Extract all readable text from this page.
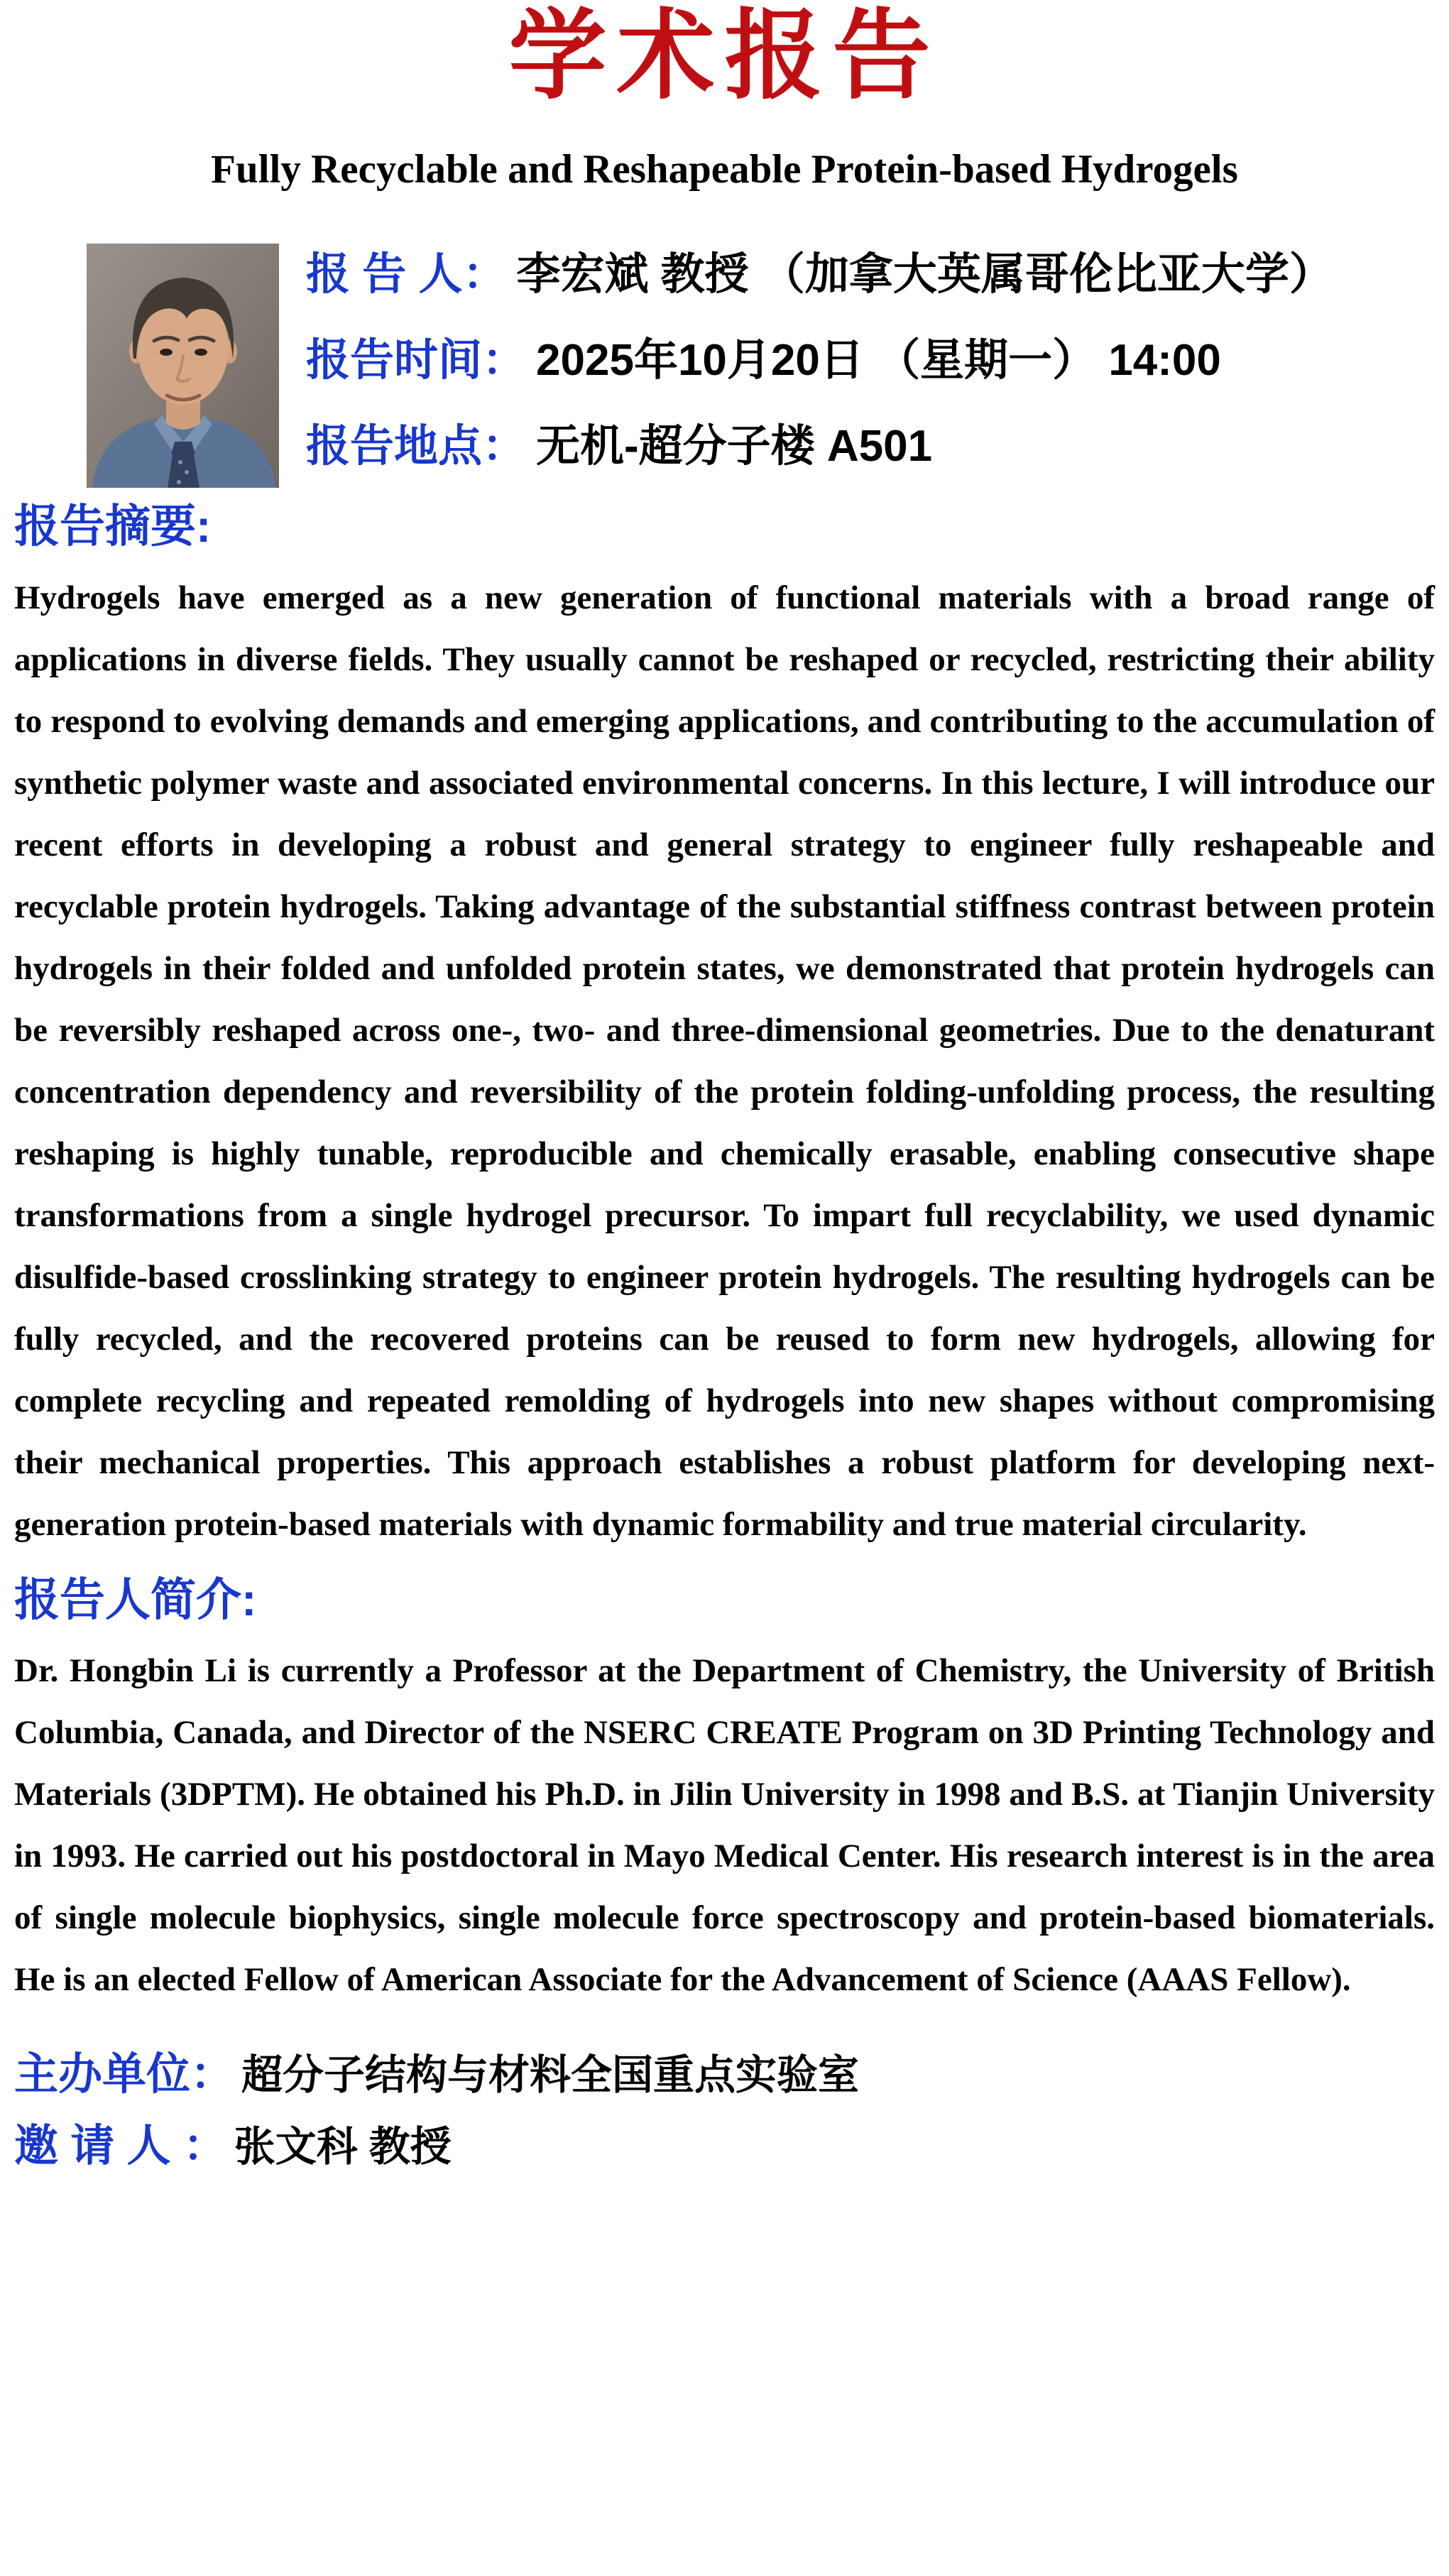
学术报告
Fully Recyclable and Reshapeable Protein-based Hydrogels
报 告 人： 李宏斌 教授 （加拿大英属哥伦比亚大学）
报告时间： 2025年10月20日 （星期一） 14:00
报告地点： 无机-超分子楼 A501
报告摘要:

Hydrogels have emerged as a new generation of functional materials with a broad range of applications in diverse fields. They usually cannot be reshaped or recycled, restricting their ability to respond to evolving demands and emerging applications, and contributing to the accumulation of synthetic polymer waste and associated environmental concerns. In this lecture, I will introduce our recent efforts in developing a robust and general strategy to engineer fully reshapeable and recyclable protein hydrogels. Taking advantage of the substantial stiffness contrast between protein hydrogels in their folded and unfolded protein states, we demonstrated that protein hydrogels can be reversibly reshaped across one-, two- and three-dimensional geometries. Due to the denaturant concentration dependency and reversibility of the protein folding-unfolding process, the resulting reshaping is highly tunable, reproducible and chemically erasable, enabling consecutive shape transformations from a single hydrogel precursor. To impart full recyclability, we used dynamic disulfide-based crosslinking strategy to engineer protein hydrogels. The resulting hydrogels can be fully recycled, and the recovered proteins can be reused to form new hydrogels, allowing for complete recycling and repeated remolding of hydrogels into new shapes without compromising their mechanical properties. This approach establishes a robust platform for developing next-generation protein-based materials with dynamic formability and true material circularity.

报告人简介:

Dr. Hongbin Li is currently a Professor at the Department of Chemistry, the University of British Columbia, Canada, and Director of the NSERC CREATE Program on 3D Printing Technology and Materials (3DPTM). He obtained his Ph.D. in Jilin University in 1998 and B.S. at Tianjin University in 1993. He carried out his postdoctoral in Mayo Medical Center. His research interest is in the area of single molecule biophysics, single molecule force spectroscopy and protein-based biomaterials. He is an elected Fellow of American Associate for the Advancement of Science (AAAS Fellow).

主办单位： 超分子结构与材料全国重点实验室
邀 请 人 ： 张文科 教授
